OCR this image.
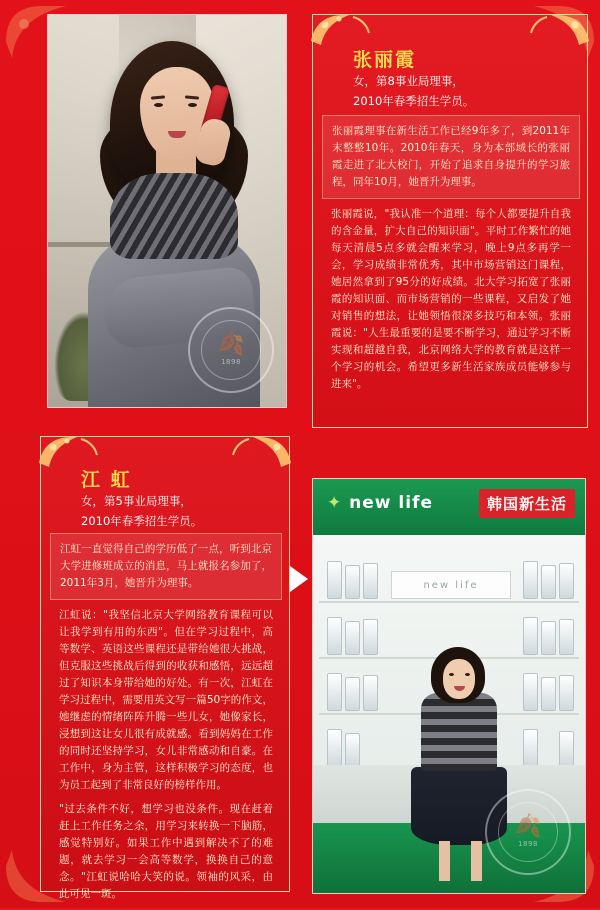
🍂
1898
张丽霞
女，第8事业局理事，
2010年春季招生学员。
张丽霞理事在新生活工作已经9年多了，到2011年末整整10年。2010年春天，身为本部域长的张丽霞走进了北大校门，开始了追求自身提升的学习旅程，同年10月，她晋升为理事。
张丽霞说，"我认准一个道理：每个人都要提升自我的含金量，扩大自己的知识面"。平时工作繁忙的她每天清晨5点多就会醒来学习，晚上9点多再学一会，学习成绩非常优秀，其中市场营销这门课程，她居然拿到了95分的好成绩。北大学习拓宽了张丽霞的知识面、而市场营销的一些课程，又启发了她对销售的想法，让她领悟很深多技巧和本领。张丽霞说："人生最重要的是要不断学习，通过学习不断实现和超越自我，北京网络大学的教育就是这样一个学习的机会。希望更多新生活家族成员能够参与进来"。
江 虹
女，第5事业局理事，
2010年春季招生学员。
江虹一直觉得自己的学历低了一点，听到北京大学进修班成立的消息，马上就报名参加了，2011年3月，她晋升为理事。
江虹说："我坚信北京大学网络教育课程可以让我学到有用的东西"。但在学习过程中，高等数学、英语这些课程还是带给她很大挑战，但克服这些挑战后得到的收获和感悟，远远超过了知识本身带给她的好处。有一次，江虹在学习过程中，需要用英文写一篇50字的作文，她继虑的情绪阵阵升腾一些儿女，她像家长，浸想到这让女儿很有成就感。看到妈妈在工作的同时还坚持学习，女儿非常感动和自豪。在工作中，身为主管，这样积极学习的态度，也为员工起到了非常良好的榜样作用。
"过去条件不好，想学习也没条件。现在赶着赶上工作任务之余，用学习来转换一下脑筋，感觉特别好。如果工作中遇到解决不了的难题，就去学习一会高等数学，换换自己的意念。"江虹说哈哈大笑的说。领袖的风采，由此可见一斑。
✦ new life	韩国新生活
new life
🍂
1898
